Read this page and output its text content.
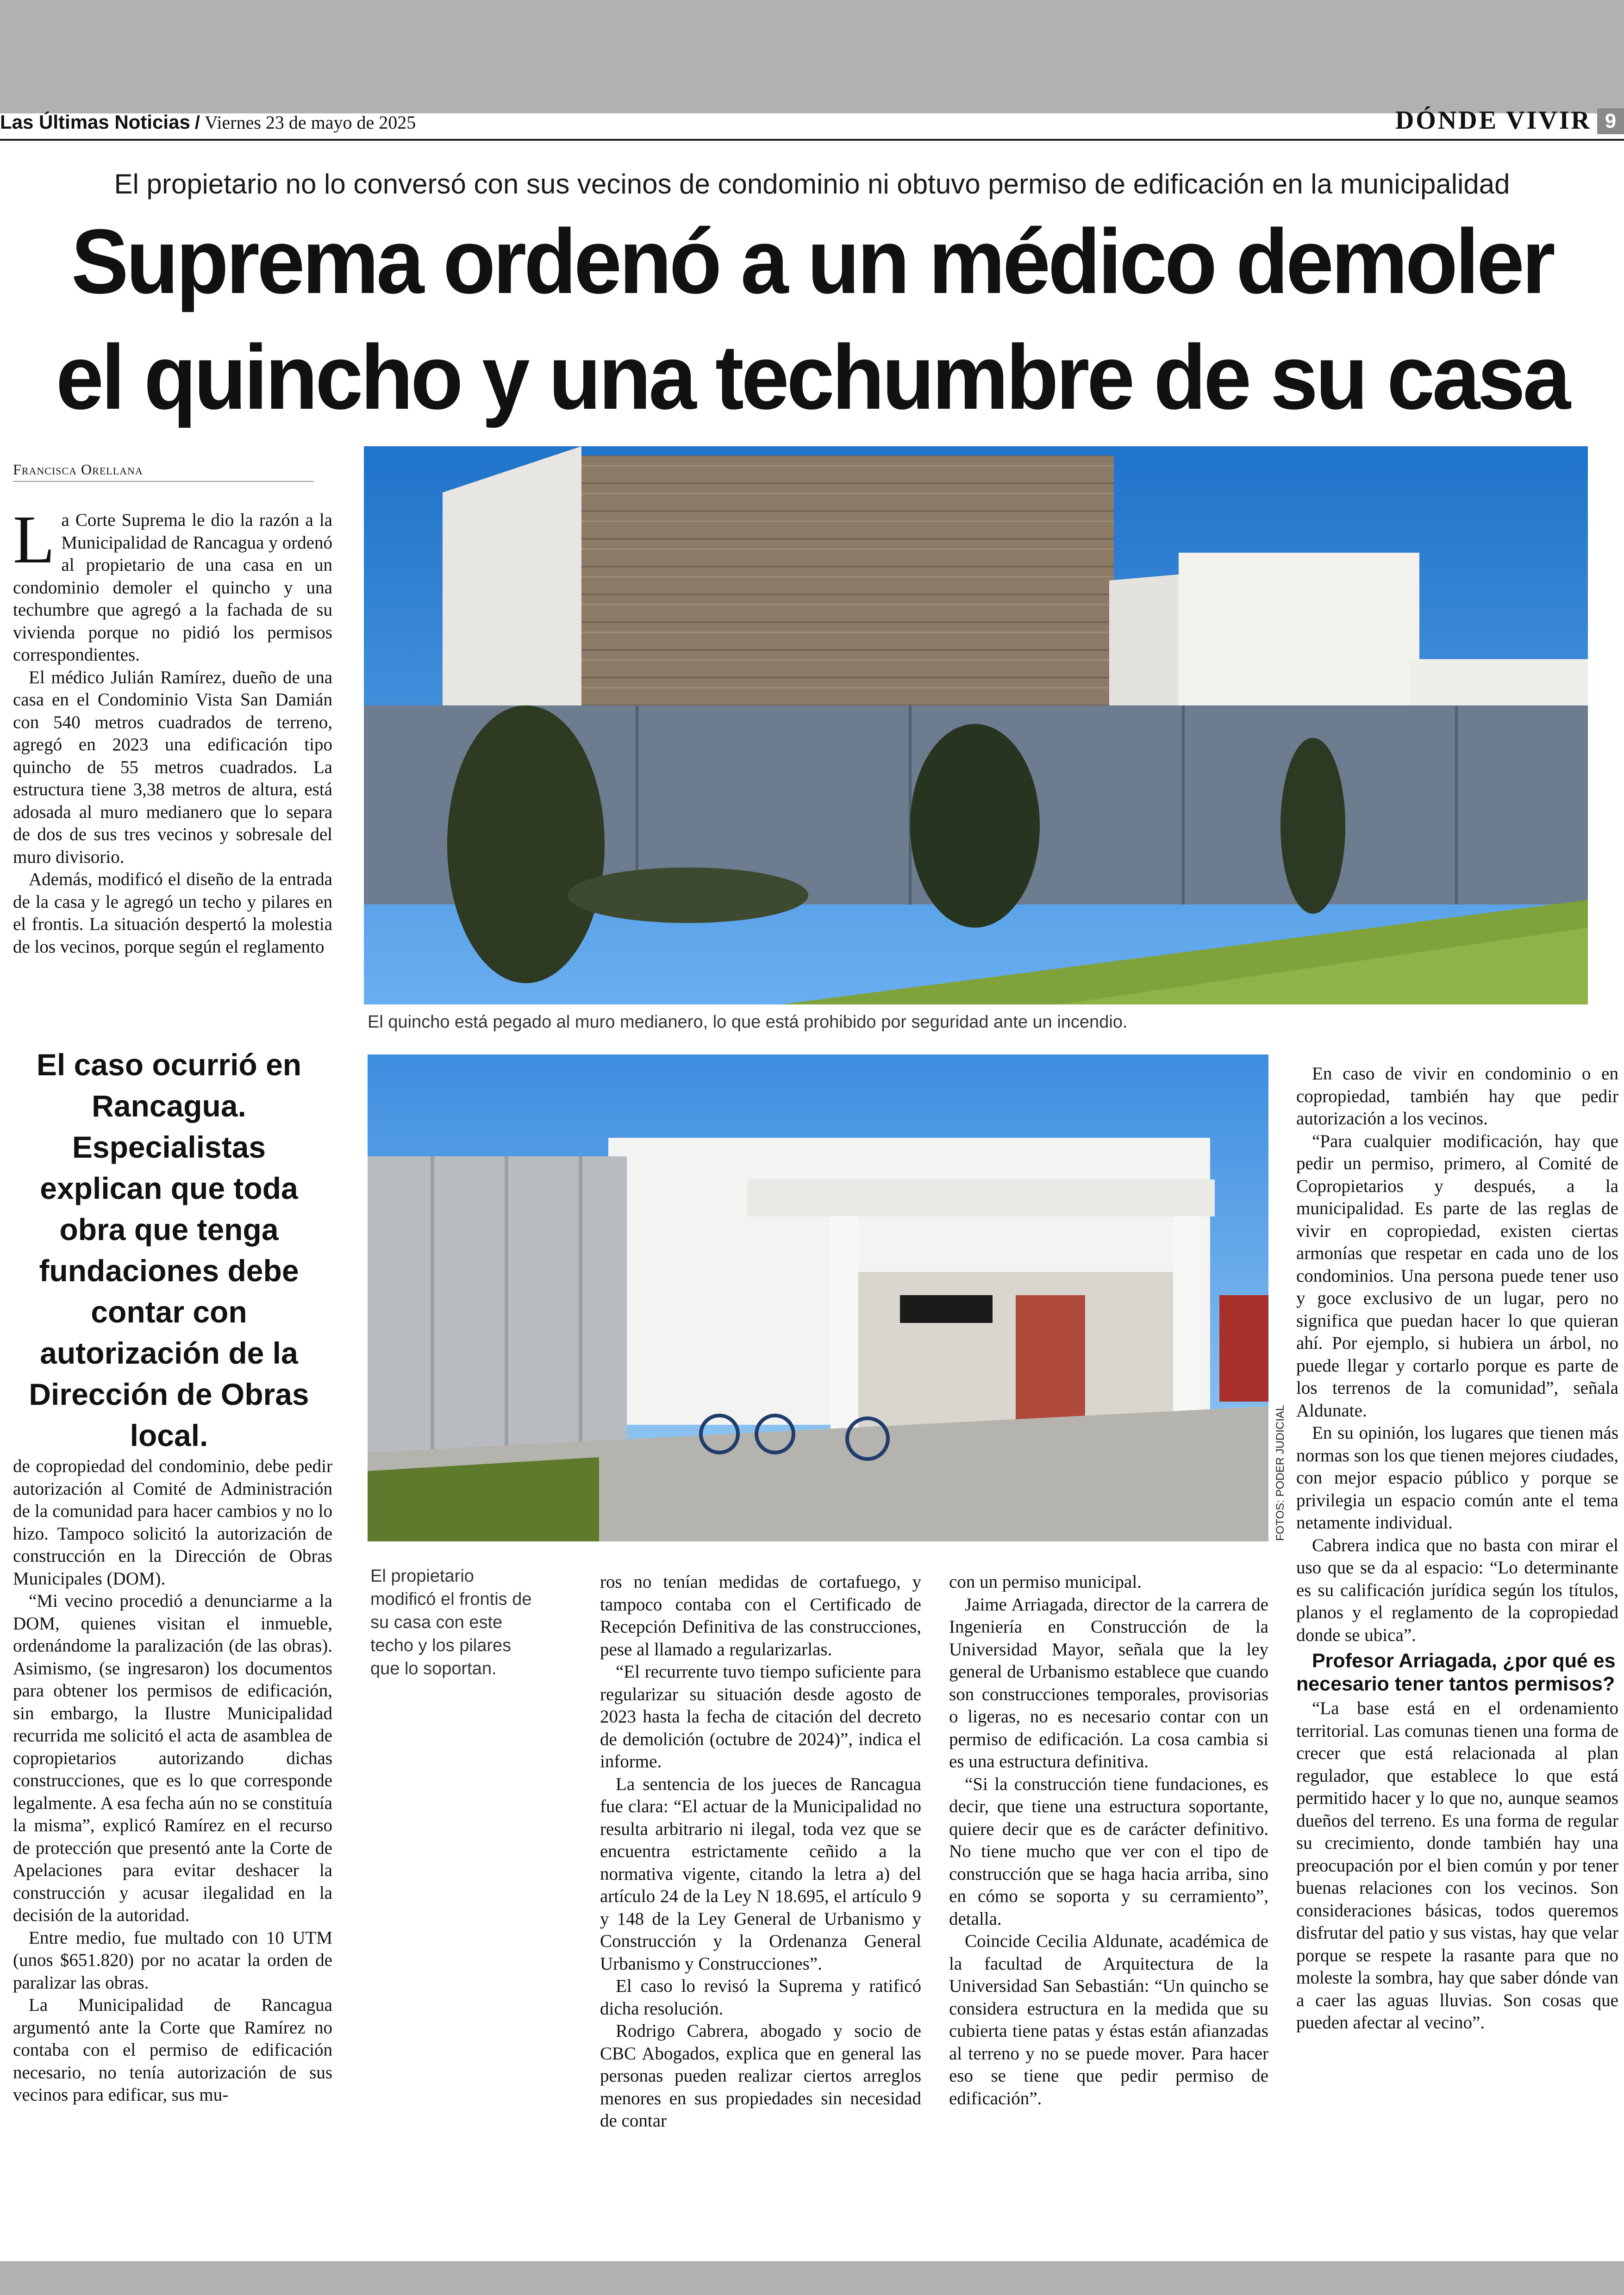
Las Últimas Noticias / Viernes 23 de mayo de 2025	DÓNDE VIVIR 9
El propietario no lo conversó con sus vecinos de condominio ni obtuvo permiso de edificación en la municipalidad
Suprema ordenó a un médico demoler
el quincho y una techumbre de su casa
Francisca Orellana

La Corte Suprema le dio la razón a la Municipalidad de Rancagua y ordenó al propietario de una casa en un condominio demoler el quincho y una techumbre que agregó a la fachada de su vivienda porque no pidió los permisos correspondientes.

El médico Julián Ramírez, dueño de una casa en el Condominio Vista San Damián con 540 metros cuadrados de terreno, agregó en 2023 una edificación tipo quincho de 55 metros cuadrados. La estructura tiene 3,38 metros de altura, está adosada al muro medianero que lo separa de dos de sus tres vecinos y sobresale del muro divisorio.

Además, modificó el diseño de la entrada de la casa y le agregó un techo y pilares en el frontis. La situación despertó la molestia de los vecinos, porque según el reglamento

El quincho está pegado al muro medianero, lo que está prohibido por seguridad ante un incendio.
El caso ocurrió en Rancagua. Especialistas explican que toda obra que tenga fundaciones debe contar con autorización de la Dirección de Obras local.	FOTOS: PODER JUDICIAL
El propietario modificó el frontis de su casa con este techo y los pilares que lo soportan.

de copropiedad del condominio, debe pedir autorización al Comité de Administración de la comunidad para hacer cambios y no lo hizo. Tampoco solicitó la autorización de construcción en la Dirección de Obras Municipales (DOM).

“Mi vecino procedió a denunciarme a la DOM, quienes visitan el inmueble, ordenándome la paralización (de las obras). Asimismo, (se ingresaron) los documentos para obtener los permisos de edificación, sin embargo, la Ilustre Municipalidad recurrida me solicitó el acta de asamblea de copropietarios autorizando dichas construcciones, que es lo que corresponde legalmente. A esa fecha aún no se constituía la misma”, explicó Ramírez en el recurso de protección que presentó ante la Corte de Apelaciones para evitar deshacer la construcción y acusar ilegalidad en la decisión de la autoridad.

Entre medio, fue multado con 10 UTM (unos $651.820) por no acatar la orden de paralizar las obras.

La Municipalidad de Rancagua argumentó ante la Corte que Ramírez no contaba con el permiso de edificación necesario, no tenía autorización de sus vecinos para edificar, sus mu-

ros no tenían medidas de cortafuego, y tampoco contaba con el Certificado de Recepción Definitiva de las construcciones, pese al llamado a regularizarlas.

“El recurrente tuvo tiempo suficiente para regularizar su situación desde agosto de 2023 hasta la fecha de citación del decreto de demolición (octubre de 2024)”, indica el informe.

La sentencia de los jueces de Rancagua fue clara: “El actuar de la Municipalidad no resulta arbitrario ni ilegal, toda vez que se encuentra estrictamente ceñido a la normativa vigente, citando la letra a) del artículo 24 de la Ley N 18.695, el artículo 9 y 148 de la Ley General de Urbanismo y Construcción y la Ordenanza General Urbanismo y Construcciones”.

El caso lo revisó la Suprema y ratificó dicha resolución.

Rodrigo Cabrera, abogado y socio de CBC Abogados, explica que en general las personas pueden realizar ciertos arreglos menores en sus propiedades sin necesidad de contar

con un permiso municipal.

Jaime Arriagada, director de la carrera de Ingeniería en Construcción de la Universidad Mayor, señala que la ley general de Urbanismo establece que cuando son construcciones temporales, provisorias o ligeras, no es necesario contar con un permiso de edificación. La cosa cambia si es una estructura definitiva.

“Si la construcción tiene fundaciones, es decir, que tiene una estructura soportante, quiere decir que es de carácter definitivo. No tiene mucho que ver con el tipo de construcción que se haga hacia arriba, sino en cómo se soporta y su cerramiento”, detalla.

Coincide Cecilia Aldunate, académica de la facultad de Arquitectura de la Universidad San Sebastián: “Un quincho se considera estructura en la medida que su cubierta tiene patas y éstas están afianzadas al terreno y no se puede mover. Para hacer eso se tiene que pedir permiso de edificación”.

En caso de vivir en condominio o en copropiedad, también hay que pedir autorización a los vecinos.

“Para cualquier modificación, hay que pedir un permiso, primero, al Comité de Copropietarios y después, a la municipalidad. Es parte de las reglas de vivir en copropiedad, existen ciertas armonías que respetar en cada uno de los condominios. Una persona puede tener uso y goce exclusivo de un lugar, pero no significa que puedan hacer lo que quieran ahí. Por ejemplo, si hubiera un árbol, no puede llegar y cortarlo porque es parte de los terrenos de la comunidad”, señala Aldunate.

En su opinión, los lugares que tienen más normas son los que tienen mejores ciudades, con mejor espacio público y porque se privilegia un espacio común ante el tema netamente individual.

Cabrera indica que no basta con mirar el uso que se da al espacio: “Lo determinante es su calificación jurídica según los títulos, planos y el reglamento de la copropiedad donde se ubica”.

Profesor Arriagada, ¿por qué es necesario tener tantos permisos?

“La base está en el ordenamiento territorial. Las comunas tienen una forma de crecer que está relacionada al plan regulador, que establece lo que está permitido hacer y lo que no, aunque seamos dueños del terreno. Es una forma de regular su crecimiento, donde también hay una preocupación por el bien común y por tener buenas relaciones con los vecinos. Son consideraciones básicas, todos queremos disfrutar del patio y sus vistas, hay que velar porque se respete la rasante para que no moleste la sombra, hay que saber dónde van a caer las aguas lluvias. Son cosas que pueden afectar al vecino”.
